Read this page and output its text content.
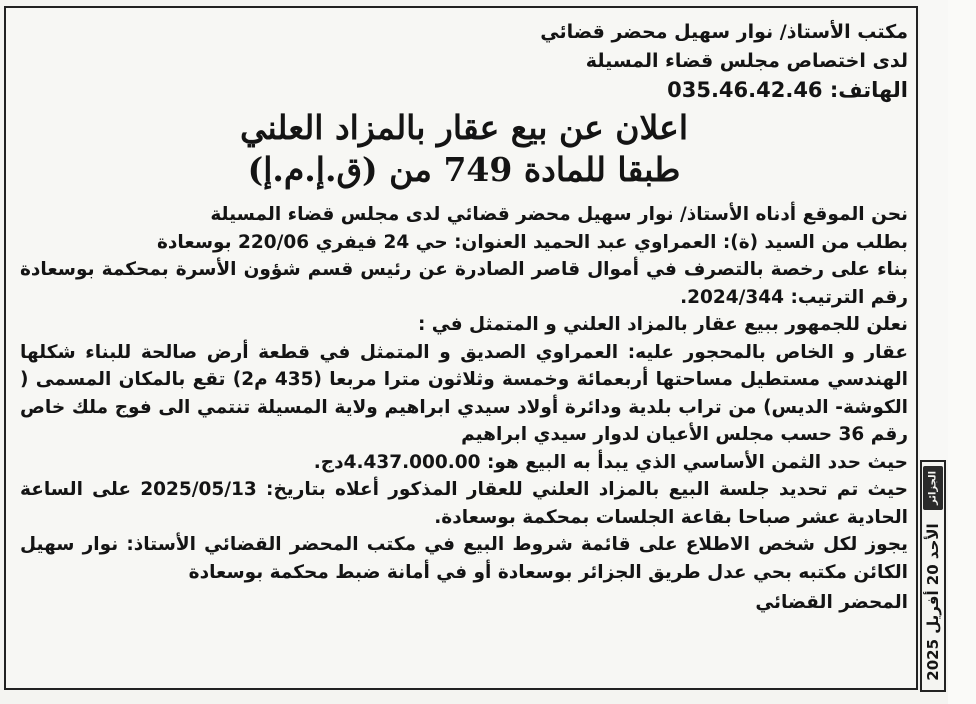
مكتب الأستاذ/ نوار سهيل محضر قضائي

لدى اختصاص مجلس قضاء المسيلة

الهاتف: 035.46.42.46

اعلان عن بيع عقار بالمزاد العلني
طبقا للمادة 749 من (ق.إ.م.إ)

نحن الموقع أدناه الأستاذ/ نوار سهيل محضر قضائي لدى مجلس قضاء المسيلة

بطلب من السيد (ة): العمراوي عبد الحميد العنوان: حي 24 فيفري 220/06 بوسعادة

بناء على رخصة بالتصرف في أموال قاصر الصادرة عن رئيس قسم شؤون الأسرة بمحكمة بوسعادة رقم الترتيب: 2024/344.

نعلن للجمهور ببيع عقار بالمزاد العلني و المتمثل في :

عقار و الخاص بالمحجور عليه: العمراوي الصديق و المتمثل في قطعة أرض صالحة للبناء شكلها الهندسي مستطيل مساحتها أربعمائة وخمسة وثلاثون مترا مربعا (435 م2) تقع بالمكان المسمى ( الكوشة- الديس) من تراب بلدية ودائرة أولاد سيدي ابراهيم ولاية المسيلة تنتمي الى فوج ملك خاص رقم 36 حسب مجلس الأعيان لدوار سيدي ابراهيم

حيث حدد الثمن الأساسي الذي يبدأ به البيع هو: 4.437.000.00دج.

حيث تم تحديد جلسة البيع بالمزاد العلني للعقار المذكور أعلاه بتاريخ: 2025/05/13 على الساعة الحادية عشر صباحا بقاعة الجلسات بمحكمة بوسعادة.

يجوز لكل شخص الاطلاع على قائمة شروط البيع في مكتب المحضر القضائي الأستاذ: نوار سهيل الكائن مكتبه بحي عدل طريق الجزائر بوسعادة أو في أمانة ضبط محكمة بوسعادة

المحضر القضائي
الجزائر
الأحد 20 أفريل 2025
